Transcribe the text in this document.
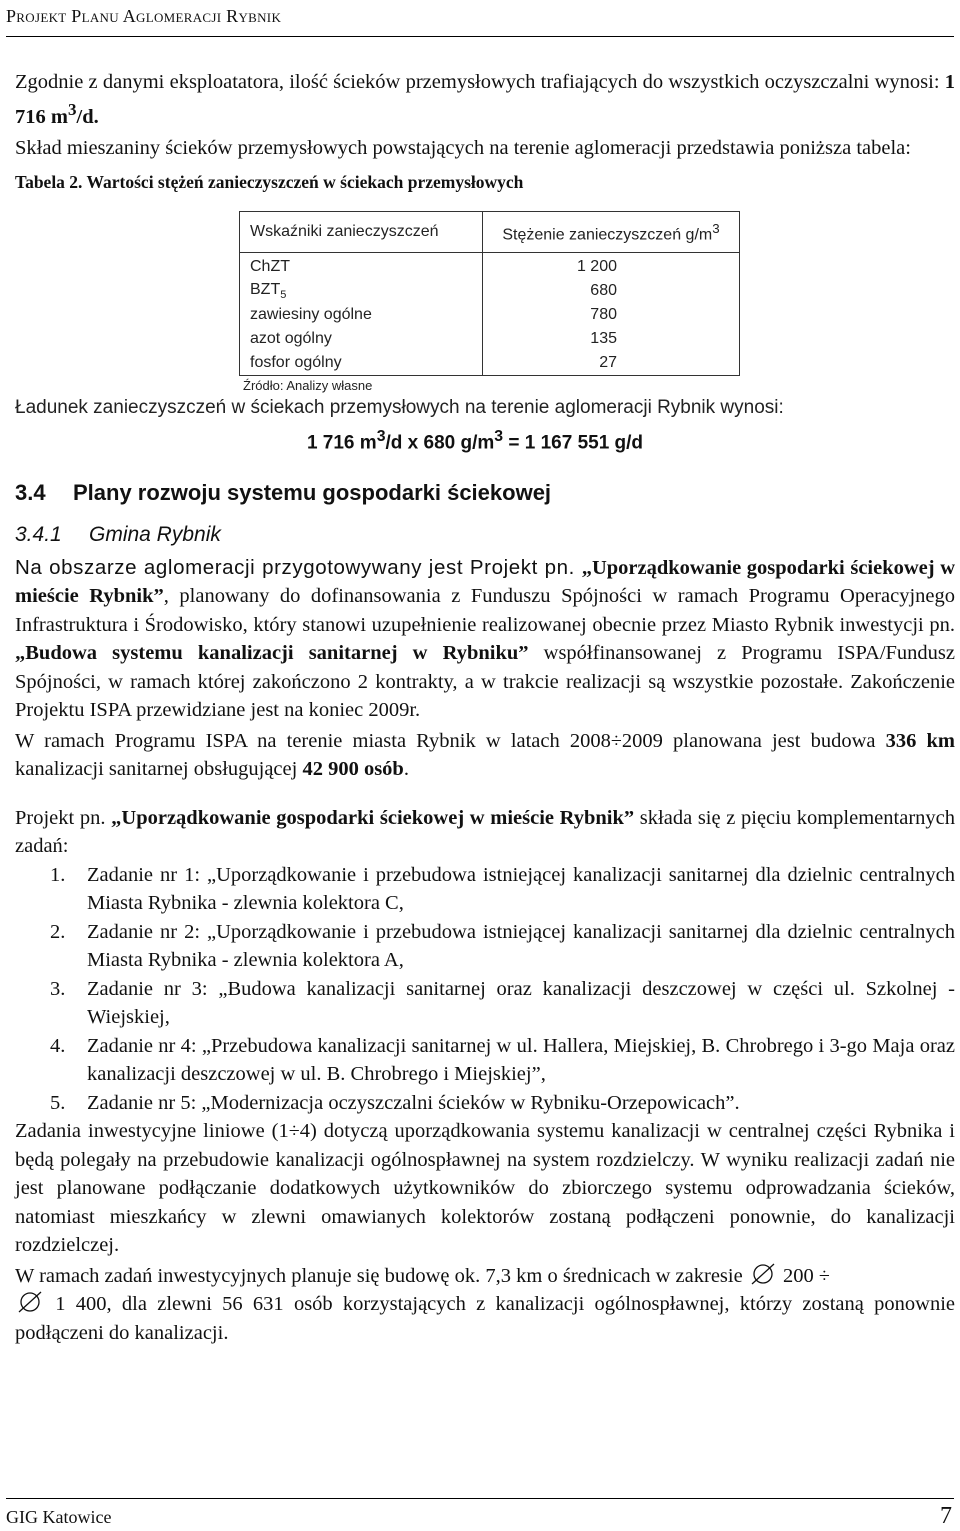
Projekt Planu Aglomeracji Rybnik

Zgodnie z danymi eksploatatora, ilość ścieków przemysłowych trafiających do wszystkich oczyszczalni wynosi: 1 716 $m^3/d$.

Skład mieszaniny ścieków przemysłowych powstających na terenie aglomeracji przedstawia poniższa tabela:

Tabela 2. Wartości stężeń zanieczyszczeń w ściekach przemysłowych
Wskaźniki zanieczyszczeń	Stężenie zanieczyszczeń $g/m^3$
ChZT	1 200
$BZT_5$	680
zawiesiny ogólne	780
azot ogólny	135
fosfor ogólny	27
Źródło: Analizy własne
Ładunek zanieczyszczeń w ściekach przemysłowych na terenie aglomeracji Rybnik wynosi:
1 716 $m^3/d$ x 680 $g/m^3 = 1$ 167 551 g/d
3.4 Plany rozwoju systemu gospodarki ściekowej
3.4.1 Gmina Rybnik

Na obszarze aglomeracji przygotowywany jest Projekt pn. „Uporządkowanie gospodarki ściekowej w mieście Rybnik”, planowany do dofinansowania z Funduszu Spójności w ramach Programu Operacyjnego Infrastruktura i Środowisko, który stanowi uzupełnienie realizowanej obecnie przez Miasto Rybnik inwestycji pn. „Budowa systemu kanalizacji sanitarnej w Rybniku” współfinansowanej z Programu ISPA/Fundusz Spójności, w ramach której zakończono 2 kontrakty, a w trakcie realizacji są wszystkie pozostałe. Zakończenie Projektu ISPA przewidziane jest na koniec 2009r.

W ramach Programu ISPA na terenie miasta Rybnik w latach 2008÷2009 planowana jest budowa 336 km kanalizacji sanitarnej obsługującej 42 900 osób.

Projekt pn. „Uporządkowanie gospodarki ściekowej w mieście Rybnik” składa się z pięciu komplementarnych zadań:

1. Zadanie nr 1: „Uporządkowanie i przebudowa istniejącej kanalizacji sanitarnej dla dzielnic centralnych Miasta Rybnika - zlewnia kolektora C,
2. Zadanie nr 2: „Uporządkowanie i przebudowa istniejącej kanalizacji sanitarnej dla dzielnic centralnych Miasta Rybnika - zlewnia kolektora A,
3. Zadanie nr 3: „Budowa kanalizacji sanitarnej oraz kanalizacji deszczowej w części ul. Szkolnej - Wiejskiej,
4. Zadanie nr 4: „Przebudowa kanalizacji sanitarnej w ul. Hallera, Miejskiej, B. Chrobrego i 3-go Maja oraz kanalizacji deszczowej w ul. B. Chrobrego i Miejskiej”,
5. Zadanie nr 5: „Modernizacja oczyszczalni ścieków w Rybniku-Orzepowicach”.

Zadania inwestycyjne liniowe (1÷4) dotyczą uporządkowania systemu kanalizacji w centralnej części Rybnika i będą polegały na przebudowie kanalizacji ogólnospławnej na system rozdzielczy. W wyniku realizacji zadań nie jest planowane podłączanie dodatkowych użytkowników do zbiorczego systemu odprowadzania ścieków, natomiast mieszkańcy w zlewni omawianych kolektorów zostaną podłączeni ponownie, do kanalizacji rozdzielczej.

W ramach zadań inwestycyjnych planuje się budowę ok. 7,3 km o średnicach w zakresie  200 ÷
1 400, dla zlewni 56 631 osób korzystających z kanalizacji ogólnospławnej, którzy zostaną ponownie podłączeni do kanalizacji.

GIG Katowice	7
